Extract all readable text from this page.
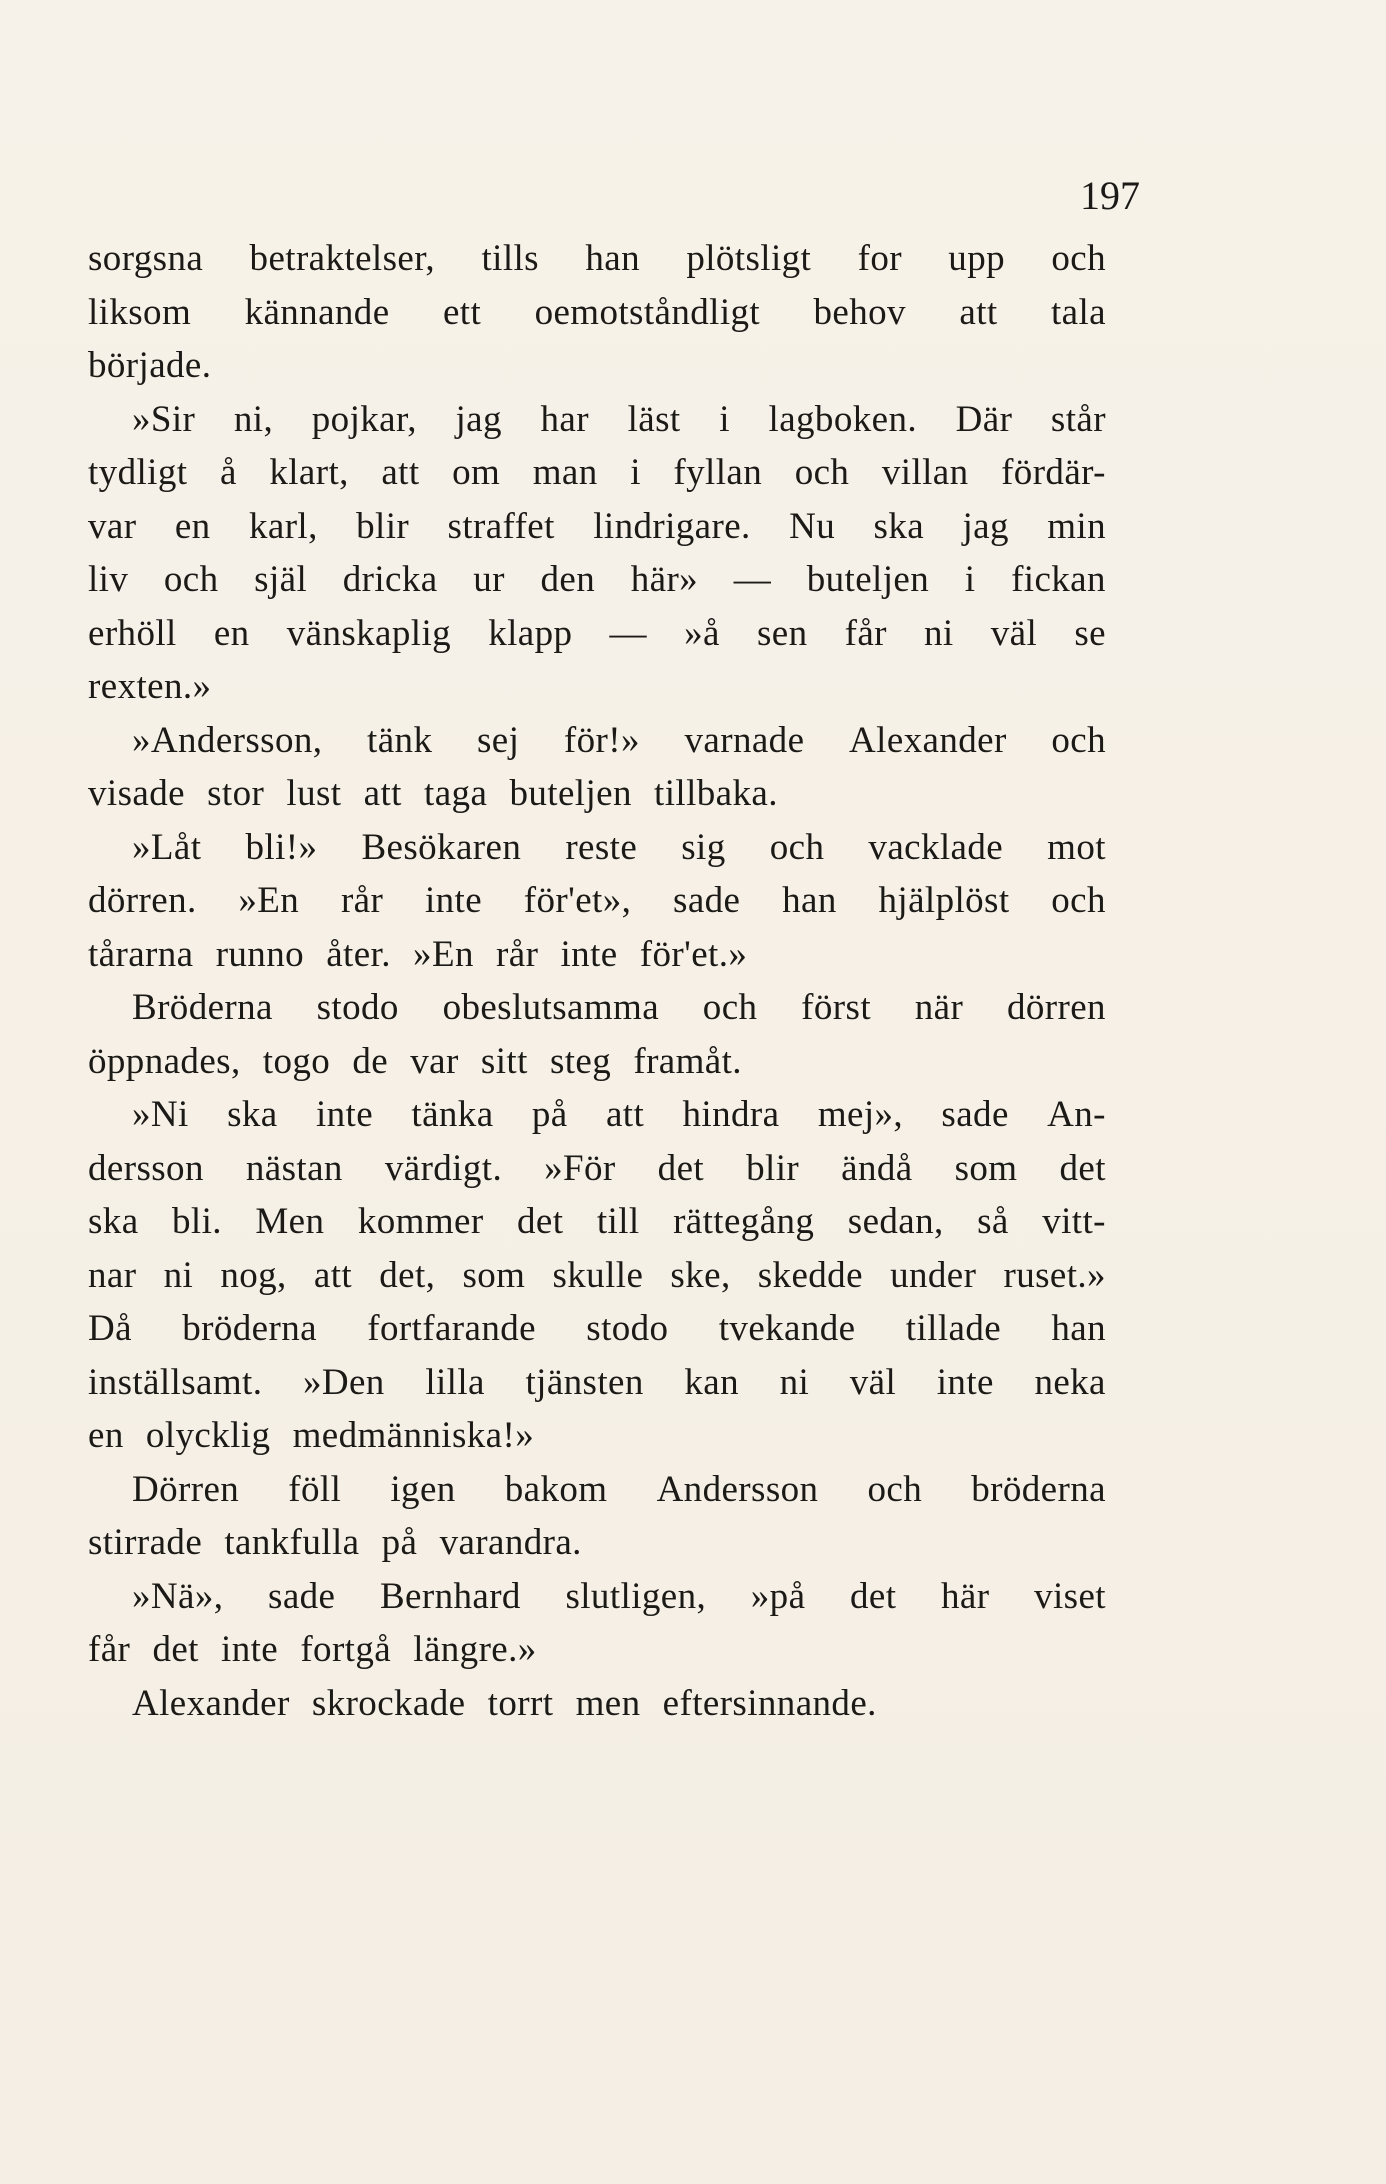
197
sorgsna betraktelser, tills han plötsligt for upp och
liksom kännande ett oemotståndligt behov att tala
började.
»Sir ni, pojkar, jag har läst i lagboken. Där står
tydligt å klart, att om man i fyllan och villan fördär-
var en karl, blir straffet lindrigare. Nu ska jag min
liv och själ dricka ur den här» — buteljen i fickan
erhöll en vänskaplig klapp — »å sen får ni väl se
rexten.»
»Andersson, tänk sej för!» varnade Alexander och
visade stor lust att taga buteljen tillbaka.
»Låt bli!» Besökaren reste sig och vacklade mot
dörren. »En rår inte för'et», sade han hjälplöst och
tårarna runno åter. »En rår inte för'et.»
Bröderna stodo obeslutsamma och först när dörren
öppnades, togo de var sitt steg framåt.
»Ni ska inte tänka på att hindra mej», sade An-
dersson nästan värdigt. »För det blir ändå som det
ska bli. Men kommer det till rättegång sedan, så vitt-
nar ni nog, att det, som skulle ske, skedde under ruset.»
Då bröderna fortfarande stodo tvekande tillade han
inställsamt. »Den lilla tjänsten kan ni väl inte neka
en olycklig medmänniska!»
Dörren föll igen bakom Andersson och bröderna
stirrade tankfulla på varandra.
»Nä», sade Bernhard slutligen, »på det här viset
får det inte fortgå längre.»
Alexander skrockade torrt men eftersinnande.
